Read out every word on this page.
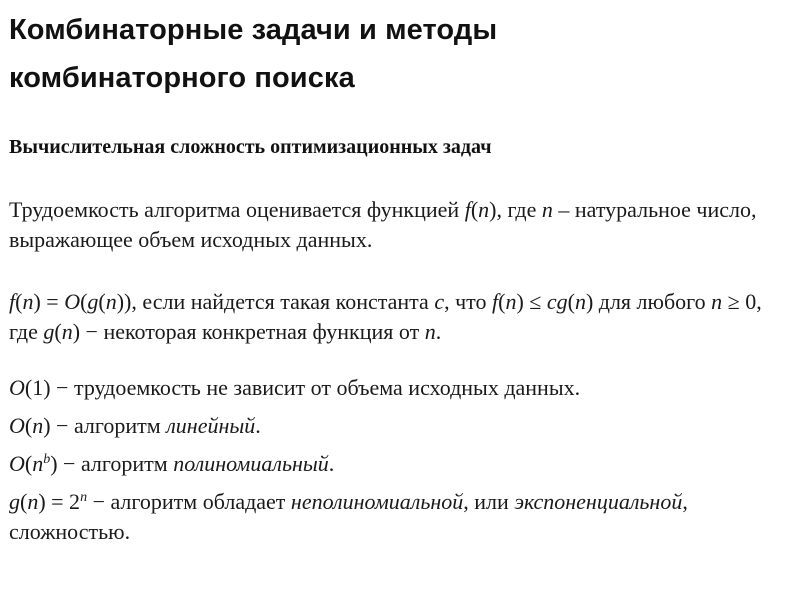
Комбинаторные задачи и методы
комбинаторного поиска
Вычислительная сложность оптимизационных задач

Трудоемкость алгоритма оценивается функцией f(n), где n – натуральное число, выражающее объем исходных данных.

f(n) = O(g(n)), если найдется такая константа c, что f(n) ≤ cg(n) для любого n ≥ 0, где g(n) − некоторая конкретная функция от n.

O(1) − трудоемкость не зависит от объема исходных данных.

O(n) − алгоритм линейный.

$O(n^b)$ − алгоритм полиномиальный.

$g(n) = 2^n$ − алгоритм обладает неполиномиальной, или экспоненциальной, сложностью.
